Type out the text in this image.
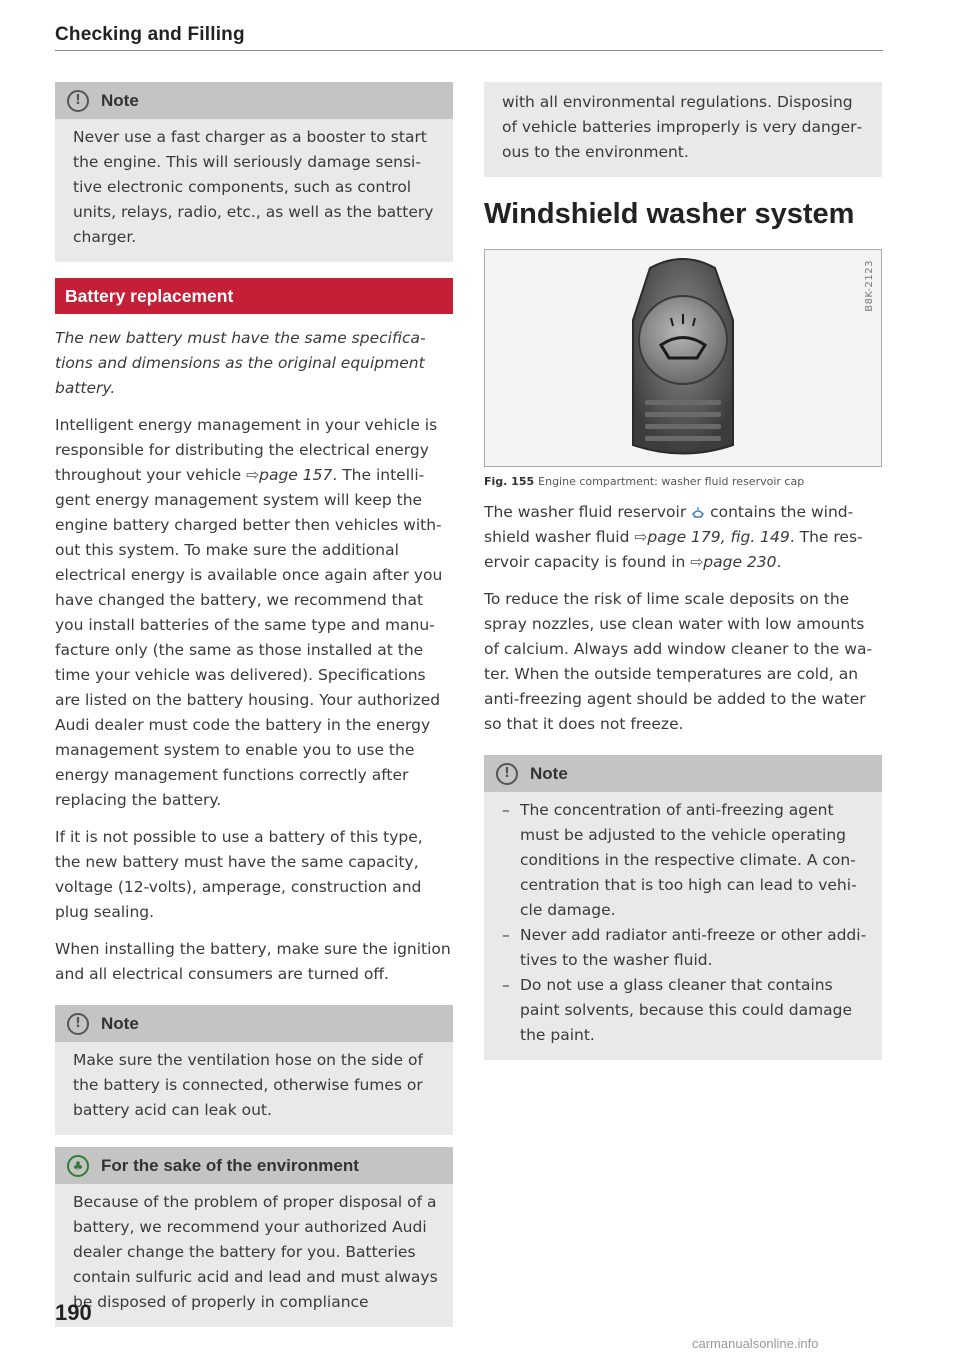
Checking and Filling
!	Note
Never use a fast charger as a booster to start the engine. This will seriously damage sensitive electronic components, such as control units, relays, radio, etc., as well as the battery charger.
Battery replacement
The new battery must have the same specifications and dimensions as the original equipment battery.

Intelligent energy management in your vehicle is responsible for distributing the electrical energy throughout your vehicle ⇨page 157. The intelligent energy management system will keep the engine battery charged better then vehicles without this system. To make sure the additional electrical energy is available once again after you have changed the battery, we recommend that you install batteries of the same type and manufacture only (the same as those installed at the time your vehicle was delivered). Specifications are listed on the battery housing. Your authorized Audi dealer must code the battery in the energy management system to enable you to use the energy management functions correctly after replacing the battery.

If it is not possible to use a battery of this type, the new battery must have the same capacity, voltage (12-volts), amperage, construction and plug sealing.

When installing the battery, make sure the ignition and all electrical consumers are turned off.

!	Note
Make sure the ventilation hose on the side of the battery is connected, otherwise fumes or battery acid can leak out.
♣	For the sake of the environment
Because of the problem of proper disposal of a battery, we recommend your authorized Audi dealer change the battery for you. Batteries contain sulfuric acid and lead and must always be disposed of properly in compliance
with all environmental regulations. Disposing of vehicle batteries improperly is very dangerous to the environment.
Windshield washer system
B8K-2123
Fig. 155 Engine compartment: washer fluid reservoir cap

The washer fluid reservoir  contains the windshield washer fluid ⇨page 179, fig. 149. The reservoir capacity is found in ⇨page 230.

To reduce the risk of lime scale deposits on the spray nozzles, use clean water with low amounts of calcium. Always add window cleaner to the water. When the outside temperatures are cold, an anti-freezing agent should be added to the water so that it does not freeze.

!	Note
– The concentration of anti-freezing agent must be adjusted to the vehicle operating conditions in the respective climate. A concentration that is too high can lead to vehicle damage.
– Never add radiator anti-freeze or other additives to the washer fluid.
– Do not use a glass cleaner that contains paint solvents, because this could damage the paint.
190
carmanualsonline.info
